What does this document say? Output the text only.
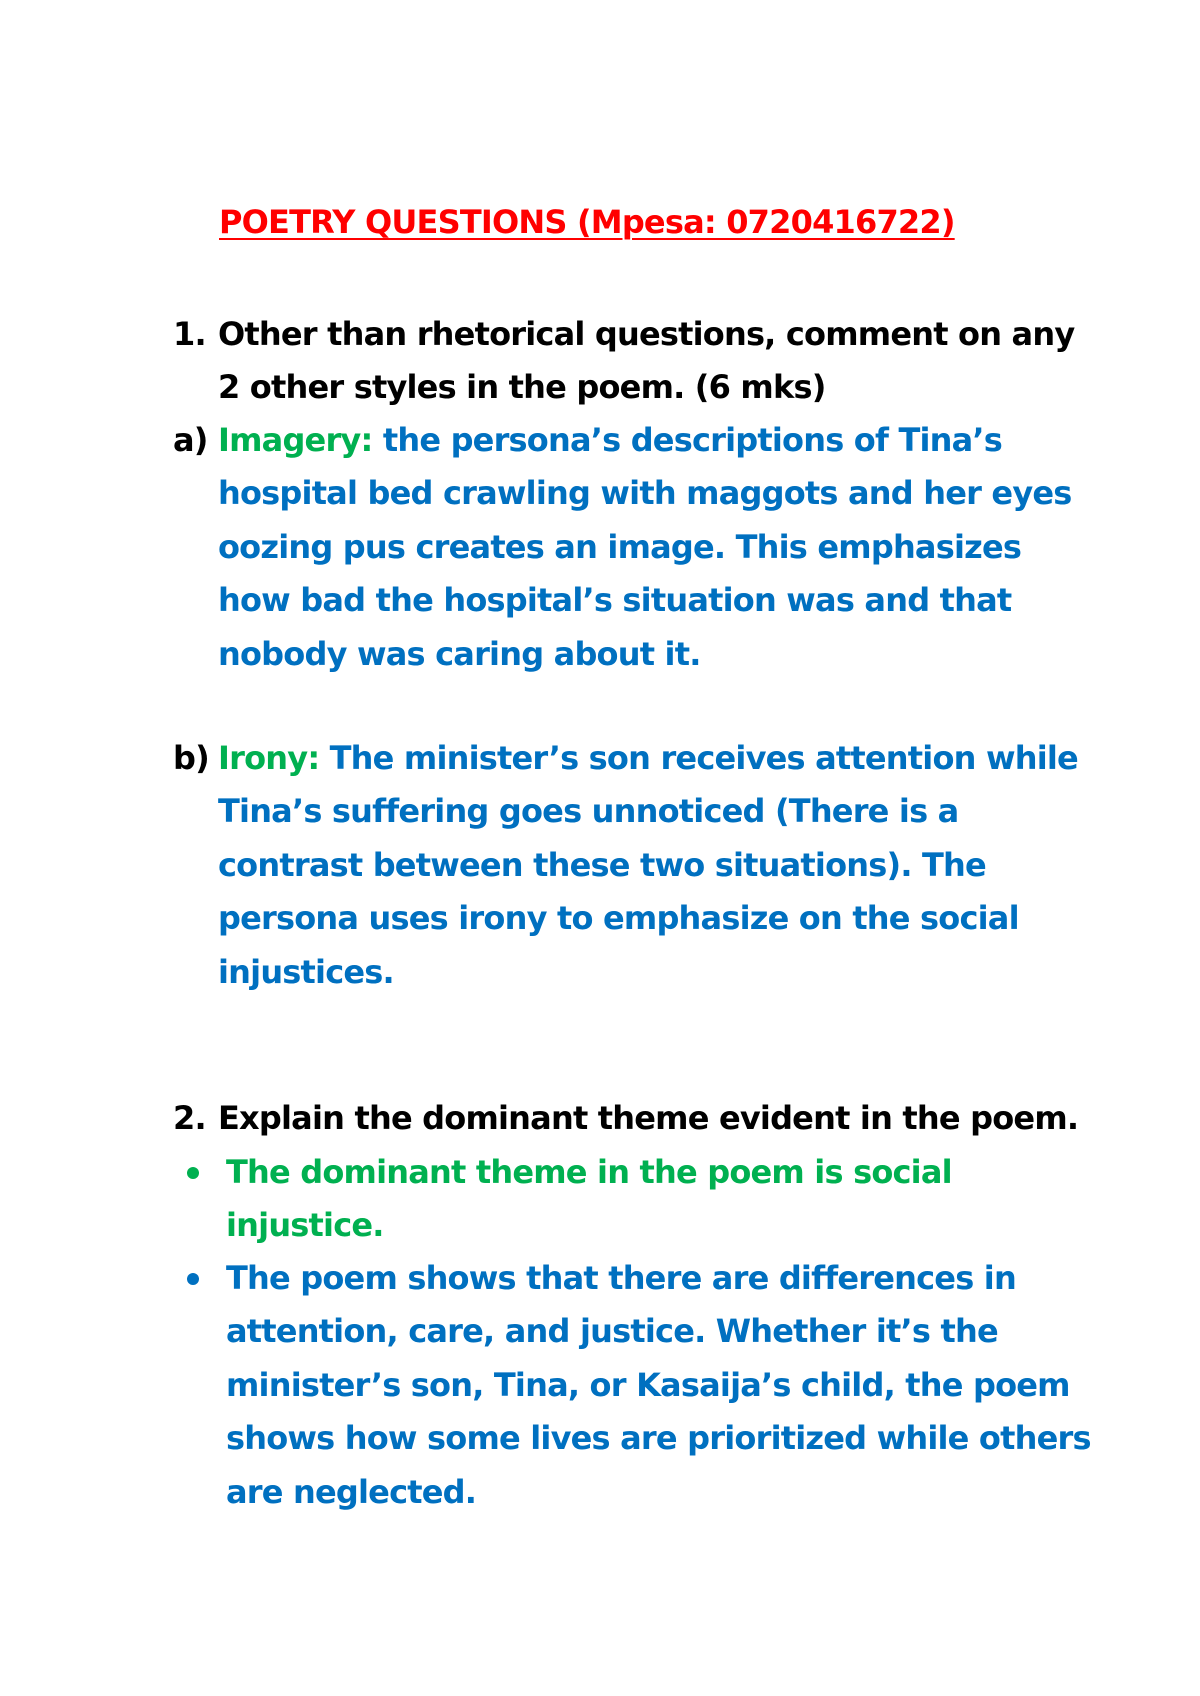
POETRY QUESTIONS (Mpesa: 0720416722)
1. Other than rhetorical questions, comment on any 2 other styles in the poem. (6 mks)
a) Imagery: the persona’s descriptions of Tina’s hospital bed crawling with maggots and her eyes oozing pus creates an image. This emphasizes how bad the hospital’s situation was and that nobody was caring about it.
b) Irony: The minister’s son receives attention while Tina’s suffering goes unnoticed (There is a contrast between these two situations). The persona uses irony to emphasize on the social injustices.
2. Explain the dominant theme evident in the poem.
The dominant theme in the poem is social injustice.
The poem shows that there are differences in attention, care, and justice. Whether it’s the minister’s son, Tina, or Kasaija’s child, the poem shows how some lives are prioritized while others are neglected.
